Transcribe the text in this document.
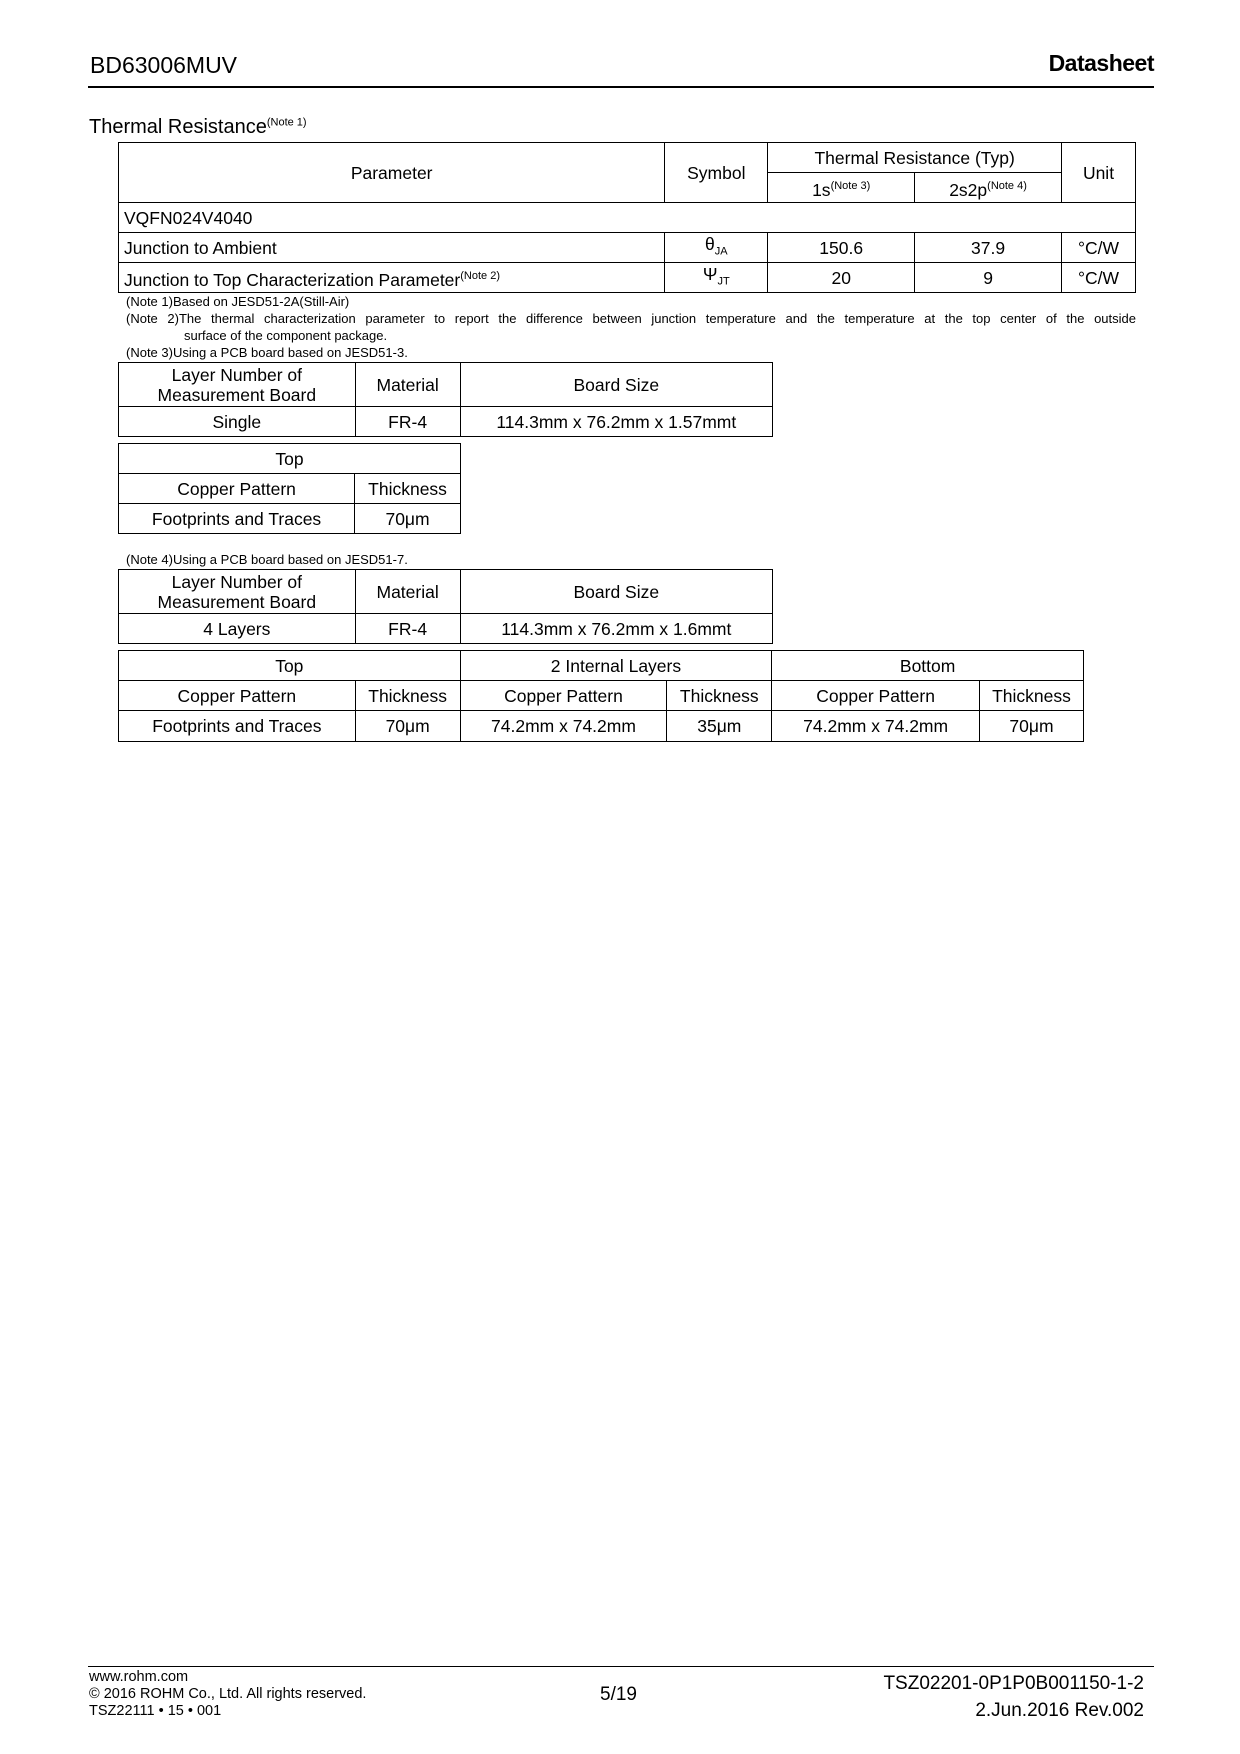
BD63006MUV	Datasheet
Thermal Resistance$^{(Note 1)}$
Parameter	Symbol	Thermal Resistance (Typ)		Unit
		$1s^{(Note 3)}$	$2s2p^{(Note 4)}$
VQFN024V4040				
Junction to Ambient	$\theta_{JA}$	150.6	37.9	°C/W
Junction to Top Characterization Parameter$^{(Note 2)}$	$\Psi_{JT}$	20	9	°C/W
(Note 1)Based on JESD51-2A(Still-Air)
(Note 2)The thermal characterization parameter to report the difference between junction temperature and the temperature at the top center of the outside
surface of the component package.
(Note 3)Using a PCB board based on JESD51-3.
Layer Number of
Measurement Board	Material	Board Size
Single	FR-4	114.3mm x 76.2mm x 1.57mmt
Top	
Copper Pattern	Thickness
Footprints and Traces	70μm
(Note 4)Using a PCB board based on JESD51-7.
Layer Number of
Measurement Board	Material	Board Size
4 Layers	FR-4	114.3mm x 76.2mm x 1.6mmt
Top		2 Internal Layers		Bottom	
Copper Pattern	Thickness	Copper Pattern	Thickness	Copper Pattern	Thickness
Footprints and Traces	70μm	74.2mm x 74.2mm	35μm	74.2mm x 74.2mm	70μm
www.rohm.com
© 2016 ROHM Co., Ltd. All rights reserved.
TSZ22111 • 15 • 001
5/19
TSZ02201-0P1P0B001150-1-2
2.Jun.2016 Rev.002
